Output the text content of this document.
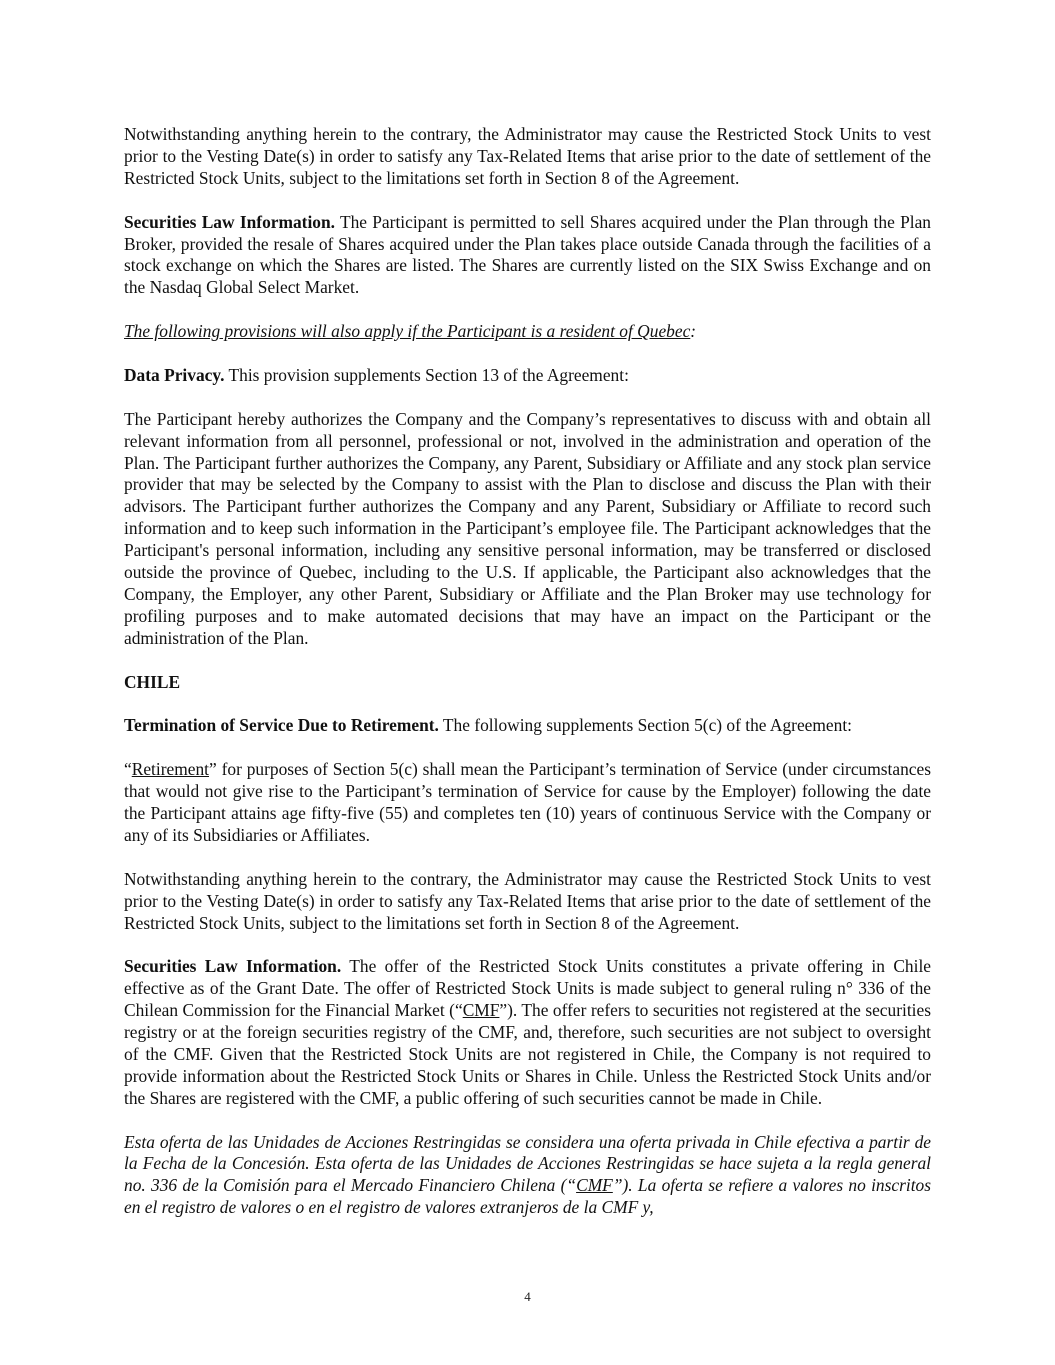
Notwithstanding anything herein to the contrary, the Administrator may cause the Restricted Stock Units to vest prior to the Vesting Date(s) in order to satisfy any Tax-Related Items that arise prior to the date of settlement of the Restricted Stock Units, subject to the limitations set forth in Section 8 of the Agreement.

Securities Law Information. The Participant is permitted to sell Shares acquired under the Plan through the Plan Broker, provided the resale of Shares acquired under the Plan takes place outside Canada through the facilities of a stock exchange on which the Shares are listed. The Shares are currently listed on the SIX Swiss Exchange and on the Nasdaq Global Select Market.

The following provisions will also apply if the Participant is a resident of Quebec:

Data Privacy. This provision supplements Section 13 of the Agreement:

The Participant hereby authorizes the Company and the Company’s representatives to discuss with and obtain all relevant information from all personnel, professional or not, involved in the administration and operation of the Plan. The Participant further authorizes the Company, any Parent, Subsidiary or Affiliate and any stock plan service provider that may be selected by the Company to assist with the Plan to disclose and discuss the Plan with their advisors. The Participant further authorizes the Company and any Parent, Subsidiary or Affiliate to record such information and to keep such information in the Participant’s employee file. The Participant acknowledges that the Participant's personal information, including any sensitive personal information, may be transferred or disclosed outside the province of Quebec, including to the U.S. If applicable, the Participant also acknowledges that the Company, the Employer, any other Parent, Subsidiary or Affiliate and the Plan Broker may use technology for profiling purposes and to make automated decisions that may have an impact on the Participant or the administration of the Plan.

CHILE

Termination of Service Due to Retirement. The following supplements Section 5(c) of the Agreement:

“Retirement” for purposes of Section 5(c) shall mean the Participant’s termination of Service (under circumstances that would not give rise to the Participant’s termination of Service for cause by the Employer) following the date the Participant attains age fifty-five (55) and completes ten (10) years of continuous Service with the Company or any of its Subsidiaries or Affiliates.

Notwithstanding anything herein to the contrary, the Administrator may cause the Restricted Stock Units to vest prior to the Vesting Date(s) in order to satisfy any Tax-Related Items that arise prior to the date of settlement of the Restricted Stock Units, subject to the limitations set forth in Section 8 of the Agreement.

Securities Law Information. The offer of the Restricted Stock Units constitutes a private offering in Chile effective as of the Grant Date. The offer of Restricted Stock Units is made subject to general ruling n° 336 of the Chilean Commission for the Financial Market (“CMF”). The offer refers to securities not registered at the securities registry or at the foreign securities registry of the CMF, and, therefore, such securities are not subject to oversight of the CMF. Given that the Restricted Stock Units are not registered in Chile, the Company is not required to provide information about the Restricted Stock Units or Shares in Chile. Unless the Restricted Stock Units and/or the Shares are registered with the CMF, a public offering of such securities cannot be made in Chile.

Esta oferta de las Unidades de Acciones Restringidas se considera una oferta privada in Chile efectiva a partir de la Fecha de la Concesión. Esta oferta de las Unidades de Acciones Restringidas se hace sujeta a la regla general no. 336 de la Comisión para el Mercado Financiero Chilena (“CMF”). La oferta se refiere a valores no inscritos en el registro de valores o en el registro de valores extranjeros de la CMF y,

4
